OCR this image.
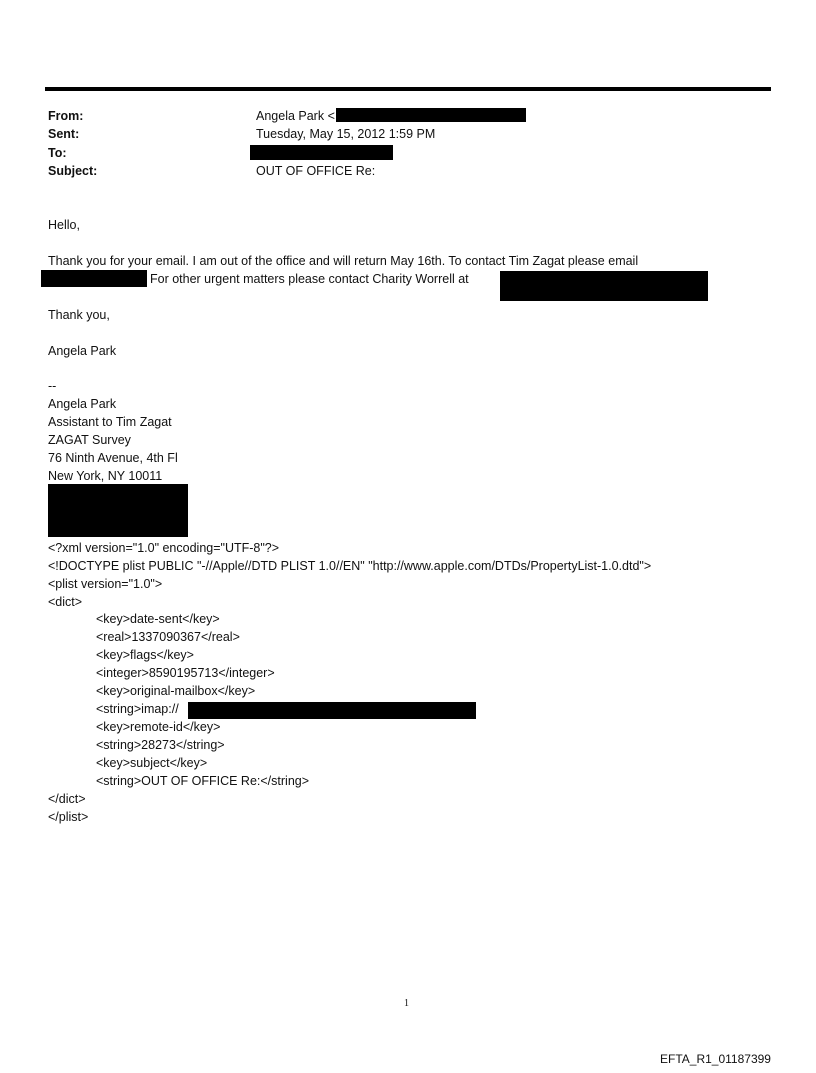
From:	Angela Park <
Sent:	Tuesday, May 15, 2012 1:59 PM
To:
Subject:	OUT OF OFFICE Re:
Hello,
Thank you for your email. I am out of the office and will return May 16th. To contact Tim Zagat please email
For other urgent matters please contact Charity Worrell at
Thank you,
Angela Park
--
Angela Park
Assistant to Tim Zagat
ZAGAT Survey
76 Ninth Avenue, 4th Fl
New York, NY 10011
<?xml version="1.0" encoding="UTF-8"?>
<!DOCTYPE plist PUBLIC "-//Apple//DTD PLIST 1.0//EN" "http://www.apple.com/DTDs/PropertyList-1.0.dtd">
<plist version="1.0">
<dict>
<key>date-sent</key>
<real>1337090367</real>
<key>flags</key>
<integer>8590195713</integer>
<key>original-mailbox</key>
<string>imap://
<key>remote-id</key>
<string>28273</string>
<key>subject</key>
<string>OUT OF OFFICE Re:</string>
</dict>
</plist>
1
EFTA_R1_01187399
